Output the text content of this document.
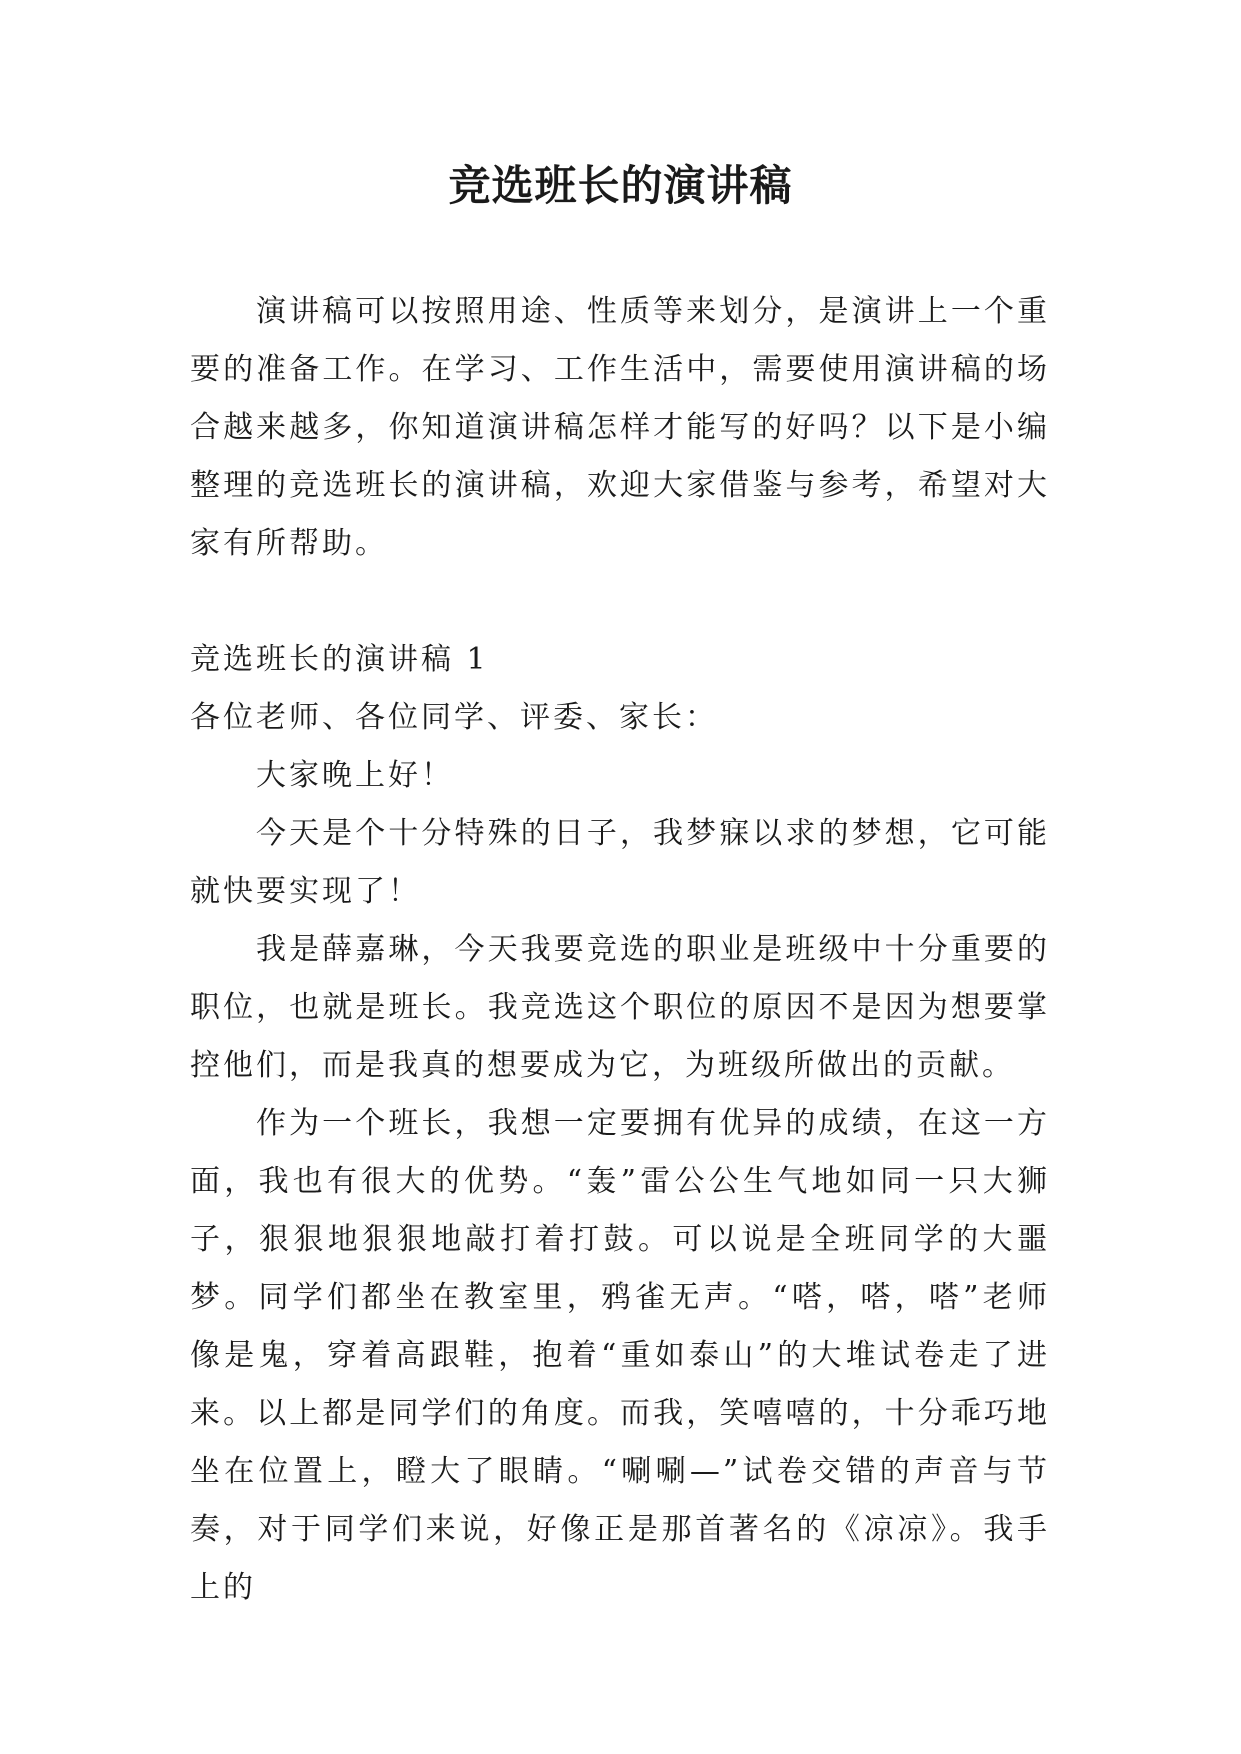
竞选班长的演讲稿

演讲稿可以按照用途、性质等来划分，是演讲上一个重要的准备工作。在学习、工作生活中，需要使用演讲稿的场合越来越多，你知道演讲稿怎样才能写的好吗？以下是小编整理的竞选班长的演讲稿，欢迎大家借鉴与参考，希望对大家有所帮助。

竞选班长的演讲稿 1

各位老师、各位同学、评委、家长：

大家晚上好！

今天是个十分特殊的日子，我梦寐以求的梦想，它可能就快要实现了！

我是薛嘉琳，今天我要竞选的职业是班级中十分重要的职位，也就是班长。我竞选这个职位的原因不是因为想要掌控他们，而是我真的想要成为它，为班级所做出的贡献。

作为一个班长，我想一定要拥有优异的成绩，在这一方面，我也有很大的优势。“轰”雷公公生气地如同一只大狮子，狠狠地狠狠地敲打着打鼓。可以说是全班同学的大噩梦。同学们都坐在教室里，鸦雀无声。“嗒，嗒，嗒”老师像是鬼，穿着高跟鞋，抱着“重如泰山”的大堆试卷走了进来。以上都是同学们的角度。而我，笑嘻嘻的，十分乖巧地坐在位置上，瞪大了眼睛。“唰唰—”试卷交错的声音与节奏，对于同学们来说，好像正是那首著名的《凉凉》。我手上的
